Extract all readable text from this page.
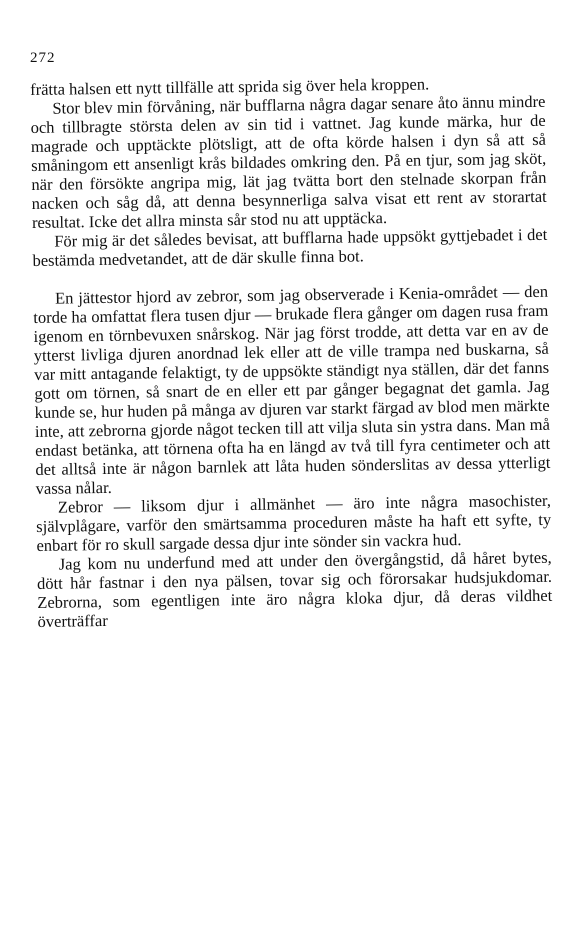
272

frätta halsen ett nytt tillfälle att sprida sig över hela kroppen.

Stor blev min förvåning, när bufflarna några dagar senare åto ännu mindre och tillbragte största delen av sin tid i vattnet. Jag kunde märka, hur de magrade och upptäckte plötsligt, att de ofta körde halsen i dyn så att så småningom ett ansenligt krås bildades omkring den. På en tjur, som jag sköt, när den försökte angripa mig, lät jag tvätta bort den stelnade skorpan från nacken och såg då, att denna besynnerliga salva visat ett rent av storartat resultat. Icke det allra minsta sår stod nu att upptäcka.

För mig är det således bevisat, att bufflarna hade uppsökt gyttjebadet i det bestämda medvetandet, att de där skulle finna bot.

En jättestor hjord av zebror, som jag observerade i Kenia-området — den torde ha omfattat flera tusen djur — brukade flera gånger om dagen rusa fram igenom en törnbevuxen snårskog. När jag först trodde, att detta var en av de ytterst livliga djuren anordnad lek eller att de ville trampa ned buskarna, så var mitt antagande felaktigt, ty de uppsökte ständigt nya ställen, där det fanns gott om törnen, så snart de en eller ett par gånger begagnat det gamla. Jag kunde se, hur huden på många av djuren var starkt färgad av blod men märkte inte, att zebrorna gjorde något tecken till att vilja sluta sin ystra dans. Man må endast betänka, att törnena ofta ha en längd av två till fyra centimeter och att det alltså inte är någon barnlek att låta huden sönderslitas av dessa ytterligt vassa nålar.

Zebror — liksom djur i allmänhet — äro inte några masochister, självplågare, varför den smärtsamma proceduren måste ha haft ett syfte, ty enbart för ro skull sargade dessa djur inte sönder sin vackra hud.

Jag kom nu underfund med att under den övergångstid, då håret bytes, dött hår fastnar i den nya pälsen, tovar sig och förorsakar hudsjukdomar. Zebrorna, som egentligen inte äro några kloka djur, då deras vildhet överträffar
